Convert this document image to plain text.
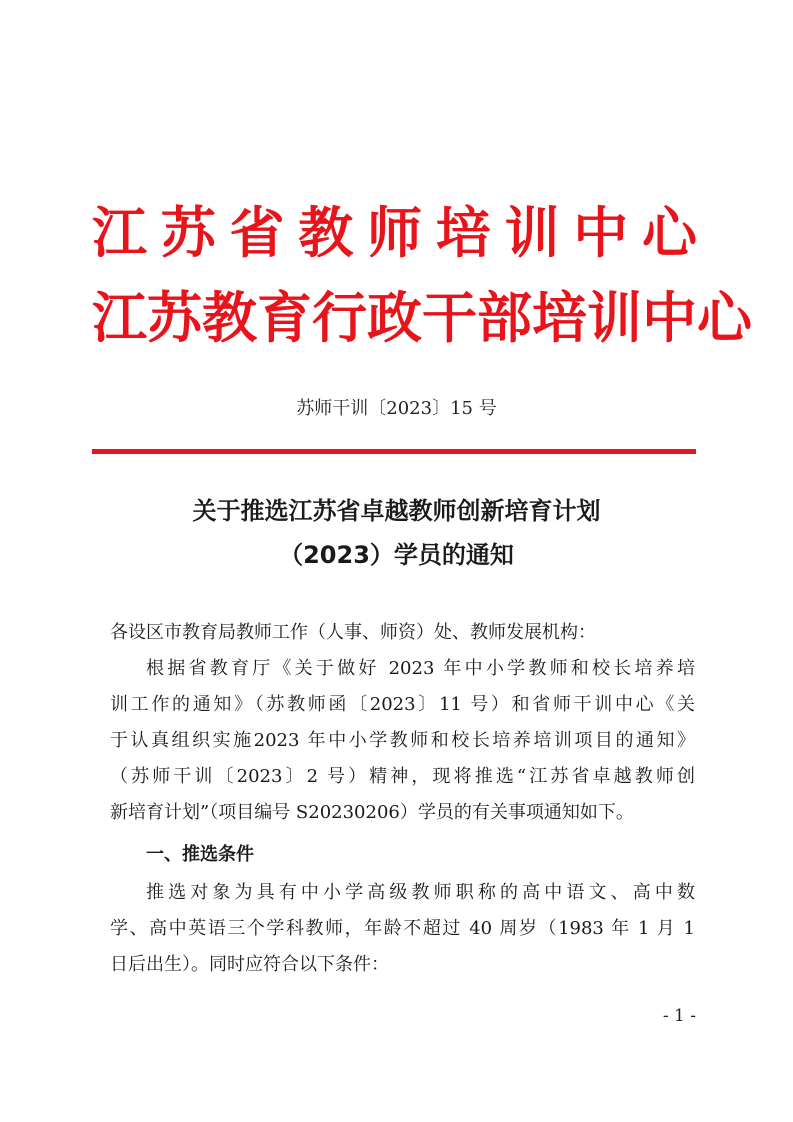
江苏省教师培训中心
江苏教育行政干部培训中心
苏师干训〔2023〕15 号
关于推选江苏省卓越教师创新培育计划
（2023）学员的通知
各设区市教育局教师工作（人事、师资）处、教师发展机构：
根据省教育厅《关于做好 2023 年中小学教师和校长培养培
训工作的通知》（苏教师函〔2023〕11 号）和省师干训中心《关
于认真组织实施2023 年中小学教师和校长培养培训项目的通知》
（苏师干训〔2023〕2 号）精神，现将推选“江苏省卓越教师创
新培育计划”（项目编号 S20230206）学员的有关事项通知如下。
一、推选条件
推选对象为具有中小学高级教师职称的高中语文、高中数
学、高中英语三个学科教师，年龄不超过 40 周岁（1983 年 1 月 1
日后出生）。同时应符合以下条件：
- 1 -
